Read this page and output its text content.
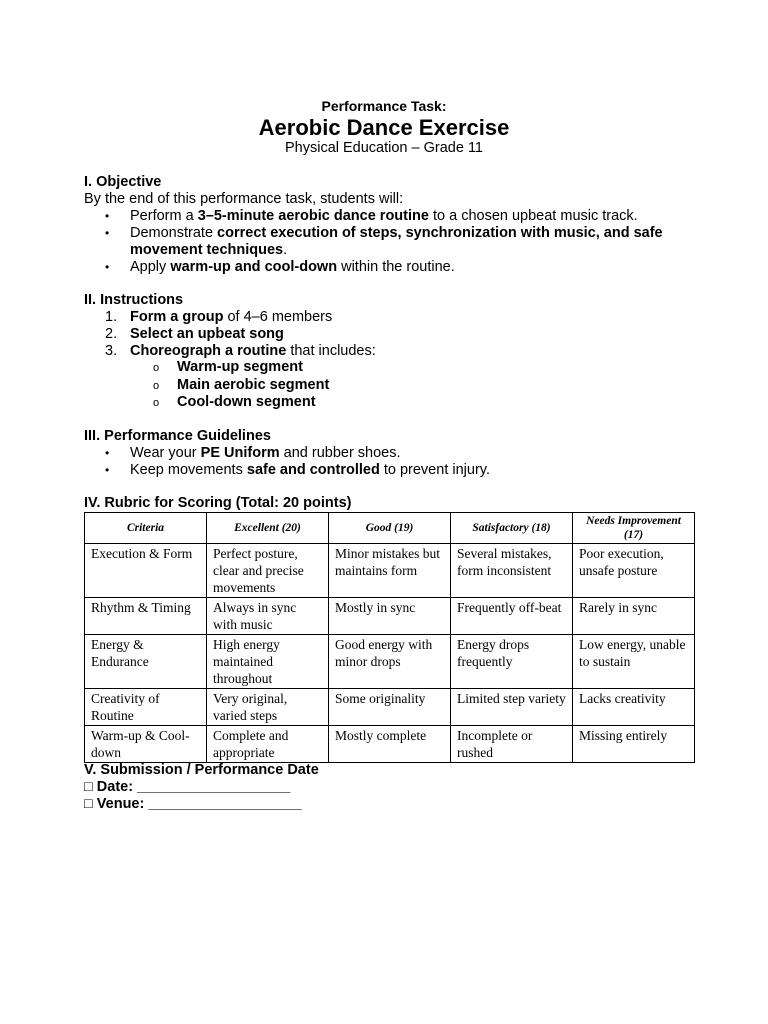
Performance Task:
Aerobic Dance Exercise
Physical Education – Grade 11
I. Objective
By the end of this performance task, students will:
• Perform a 3–5-minute aerobic dance routine to a chosen upbeat music track.
• Demonstrate correct execution of steps, synchronization with music, and safe movement techniques.
• Apply warm-up and cool-down within the routine.
II. Instructions
1. Form a group of 4–6 members
2. Select an upbeat song
3. Choreograph a routine that includes:
o Warm-up segment
o Main aerobic segment
o Cool-down segment
III. Performance Guidelines
• Wear your PE Uniform and rubber shoes.
• Keep movements safe and controlled to prevent injury.
IV. Rubric for Scoring (Total: 20 points)
Criteria	Excellent (20)	Good (19)	Satisfactory (18)	Needs Improvement (17)
Execution & Form	Perfect posture, clear and precise movements	Minor mistakes but maintains form	Several mistakes, form inconsistent	Poor execution, unsafe posture
Rhythm & Timing	Always in sync with music	Mostly in sync	Frequently off-beat	Rarely in sync
Energy & Endurance	High energy maintained throughout	Good energy with minor drops	Energy drops frequently	Low energy, unable to sustain
Creativity of Routine	Very original, varied steps	Some originality	Limited step variety	Lacks creativity
Warm-up & Cool-down	Complete and appropriate	Mostly complete	Incomplete or rushed	Missing entirely
V. Submission / Performance Date
□ Date: ___________________
□ Venue: ___________________
